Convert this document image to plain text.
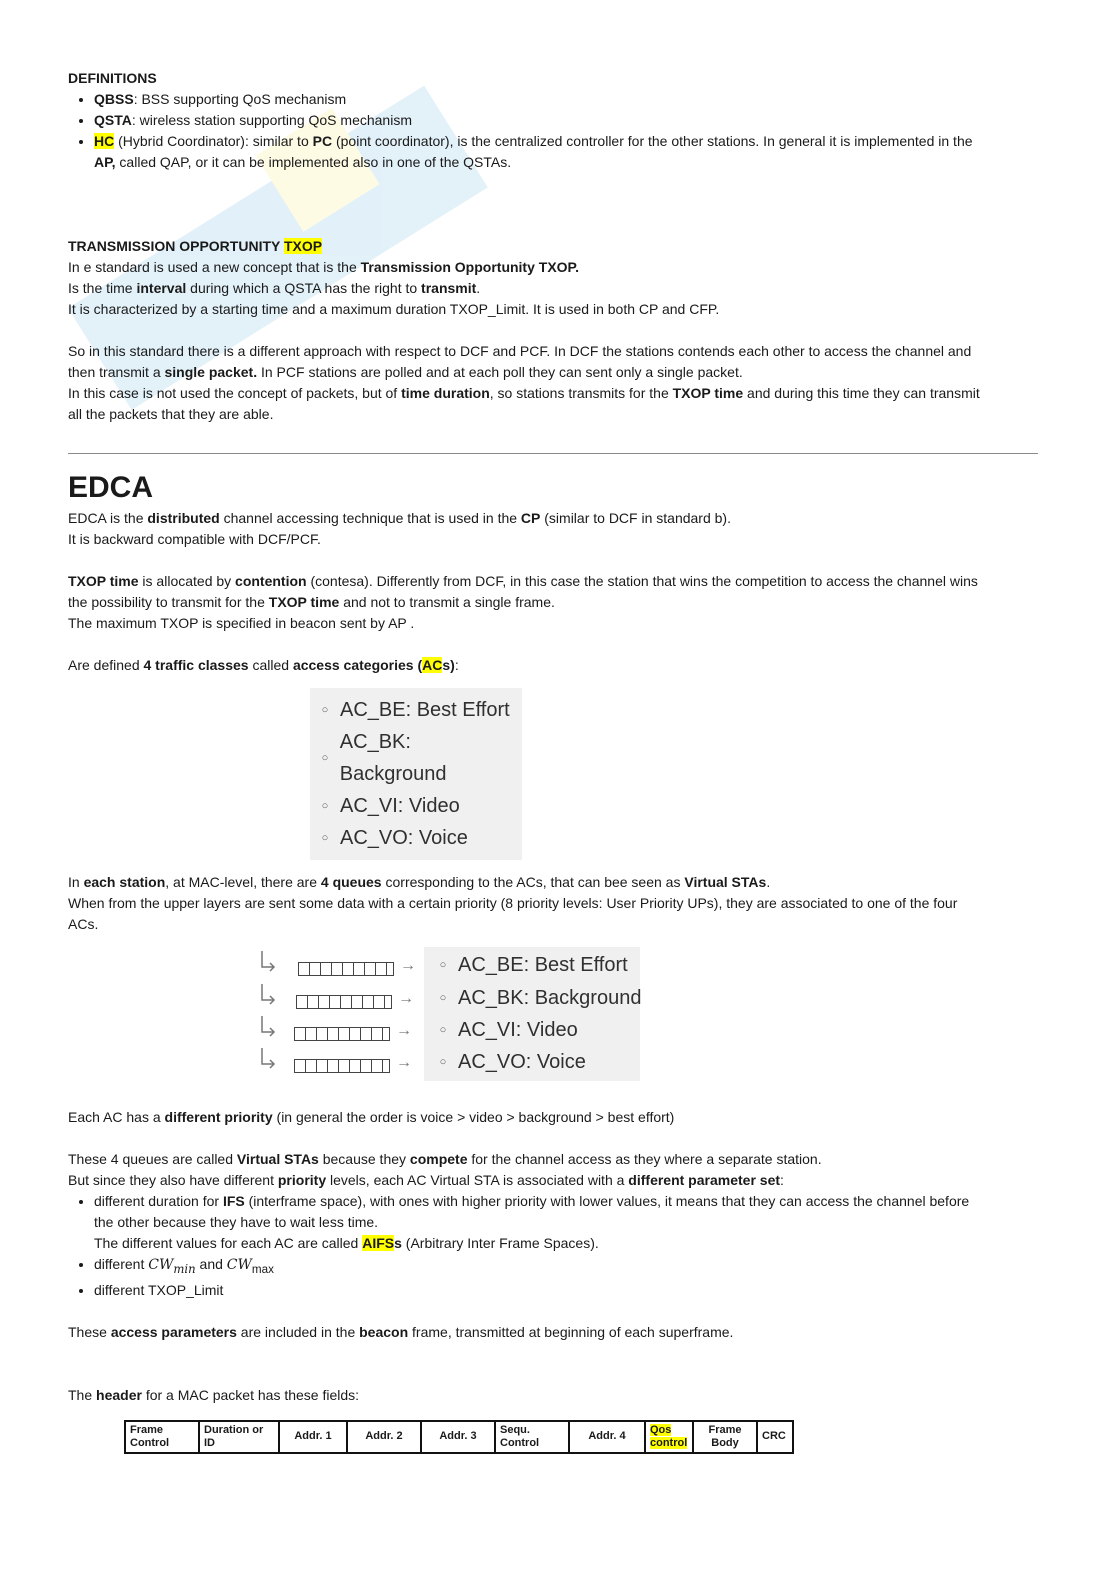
DEFINITIONS

• QBSS: BSS supporting QoS mechanism
• QSTA: wireless station supporting QoS mechanism
• HC (Hybrid Coordinator): similar to PC (point coordinator), is the centralized controller for the other stations. In general it is implemented in the AP, called QAP, or it can be implemented also in one of the QSTAs.

TRANSMISSION OPPORTUNITY TXOP

In e standard is used a new concept that is the Transmission Opportunity TXOP.

Is the time interval during which a QSTA has the right to transmit.

It is characterized by a starting time and a maximum duration TXOP_Limit. It is used in both CP and CFP.

So in this standard there is a different approach with respect to DCF and PCF. In DCF the stations contends each other to access the channel and then transmit a single packet. In PCF stations are polled and at each poll they can sent only a single packet.

In this case is not used the concept of packets, but of time duration, so stations transmits for the TXOP time and during this time they can transmit all the packets that they are able.

EDCA

EDCA is the distributed channel accessing technique that is used in the CP (similar to DCF in standard b).

It is backward compatible with DCF/PCF.

TXOP time is allocated by contention (contesa). Differently from DCF, in this case the station that wins the competition to access the channel wins the possibility to transmit for the TXOP time and not to transmit a single frame.

The maximum TXOP is specified in beacon sent by AP .

Are defined 4 traffic classes called access categories (ACs):

○ AC_BE: Best Effort
○
AC_BK: Background
○ AC_VI: Video
○ AC_VO: Voice

In each station, at MAC-level, there are 4 queues corresponding to the ACs, that can bee seen as Virtual STAs.

When from the upper layers are sent some data with a certain priority (8 priority levels: User Priority UPs), they are associated to one of the four ACs.

→	○ AC_BE: Best Effort
→	○ AC_BK: Background
→	○ AC_VI: Video
→	○ AC_VO: Voice

Each AC has a different priority (in general the order is voice > video > background > best effort)

These 4 queues are called Virtual STAs because they compete for the channel access as they where a separate station.

But since they also have different priority levels, each AC Virtual STA is associated with a different parameter set:

• different duration for IFS (interframe space), with ones with higher priority with lower values, it means that they can access the channel before the other because they have to wait less time.
The different values for each AC are called AIFSs (Arbitrary Inter Frame Spaces).
• different $CW_{min}$ and $CW_{max}$
• different TXOP_Limit

These access parameters are included in the beacon frame, transmitted at beginning of each superframe.

The header for a MAC packet has these fields:

Frame Control	Duration or ID	Addr. 1	Addr. 2	Addr. 3	Sequ. Control	Addr. 4	Qos control	Frame Body	CRC
